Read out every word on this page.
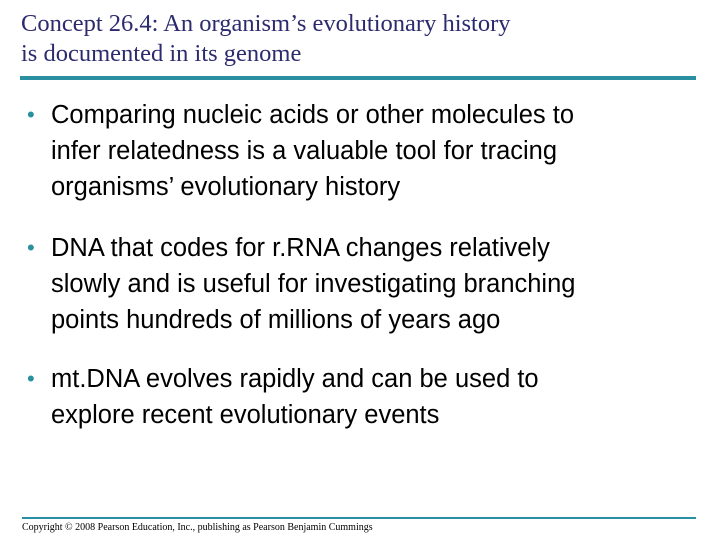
Concept 26.4: An organism’s evolutionary history
is documented in its genome
• Comparing nucleic acids or other molecules to
infer relatedness is a valuable tool for tracing
organisms’ evolutionary history
• DNA that codes for r.RNA changes relatively
slowly and is useful for investigating branching
points hundreds of millions of years ago
• mt.DNA evolves rapidly and can be used to
explore recent evolutionary events
Copyright © 2008 Pearson Education, Inc., publishing as Pearson Benjamin Cummings
